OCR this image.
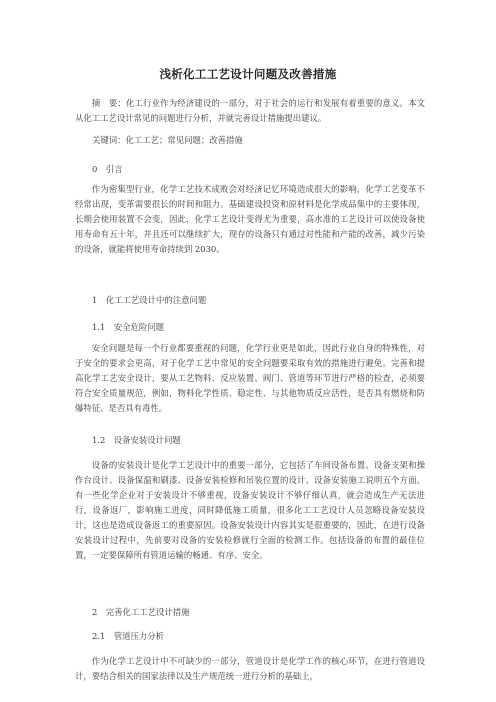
浅析化工工艺设计问题及改善措施

摘　要：化工行业作为经济建设的一部分，对于社会的运行和发展有着重要的意义。本文从化工工艺设计常见的问题进行分析，并就完善设计措施提出建议。

关键词：化工工艺；常见问题；改善措施

0　引言

作为密集型行业，化学工艺技术成败会对经济记忆环境造成很大的影响，化学工艺变革不经常出现，变革需要很长的时间和阻力。基础建设投资和原材料是化学成品集中的主要体现，长期会使用装置不会变，因此，化学工艺设计变得尤为重要，高水准的工艺设计可以使设备使用寿命有五十年，并且还可以继续扩大，现存的设备只有通过对性能和产能的改善，减少污染的设备，就能将使用寿命持续到 2030。

1　化工工艺设计中的注意问题

1.1　安全危险问题

安全问题是每一个行业都要重视的问题，化学行业更是如此，因此行业自身的特殊性，对于安全的要求会更高，对于化学工艺中常见的安全问题要采取有效的措施进行避免。完善和提高化学工艺安全设计，要从工艺物料、反应装置、阀门、管道等环节进行严格的检查，必须要符合安全质量规范，例如，物料化学性质、稳定性、与其他物质反应活性，是否具有燃烧和防爆特征、是否具有毒性。

1.2　设备安装设计问题

设备的安装设计是化学工艺设计中的重要一部分，它包括了车间设备布置、设备支架和操作台设计、设备保温和刷漆、设备安装检修和吊装位置的设计、设备安装施工说明五个方面。有一些化学企业对于安装设计不够重视，设备安装设计不够仔细认真，就会造成生产无法进行，设备返厂，影响施工进度，同时降低施工质量，很多化工工艺设计人员忽略设备安装设计，这也是造成设备返工的重要原因。设备安装设计内容其实是很重要的，因此，在进行设备安装设计过程中，先前要对设备的安装检修就行全面的检测工作。包括设备的布置的最佳位置，一定要保障所有管道运输的畅通、有序、安全。

2　完善化工工艺设计措施

2.1　管道压力分析

作为化学工艺设计中不可缺少的一部分，管道设计是化学工作的核心环节，在进行管道设计，要结合相关的国家法律以及生产规范统一进行分析的基础上，
